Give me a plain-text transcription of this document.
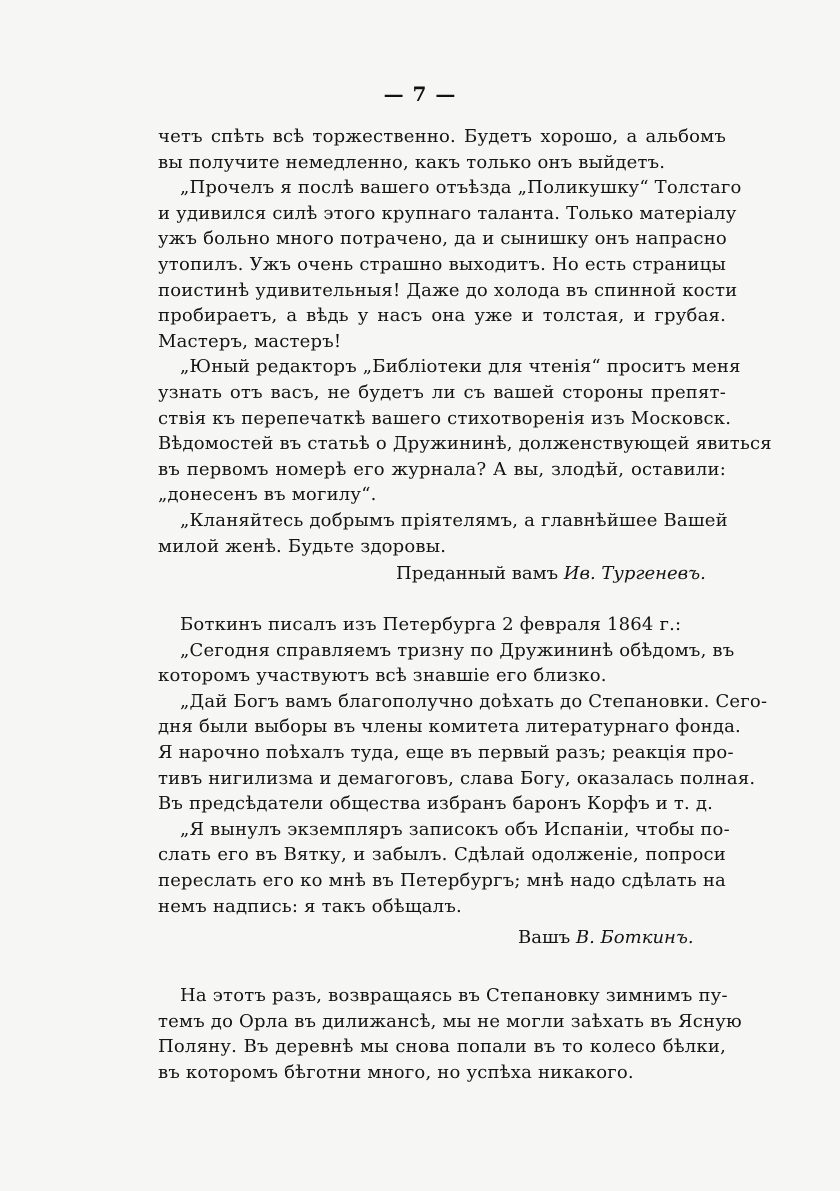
— 7 —
четъ спѣть всѣ торжественно. Будетъ хорошо, а альбомъ
вы получите немедленно, какъ только онъ выйдетъ.
„Прочелъ я послѣ вашего отъѣзда „Поликушку“ Толстаго
и удивился силѣ этого крупнаго таланта. Только матеріалу
ужъ больно много потрачено, да и сынишку онъ напрасно
утопилъ. Ужъ очень страшно выходитъ. Но есть страницы
поистинѣ удивительныя! Даже до холода въ спинной кости
пробираетъ, а вѣдь у насъ она уже и толстая, и грубая.
Мастеръ, мастеръ!
„Юный редакторъ „Библіотеки для чтенія“ проситъ меня
узнать отъ васъ, не будетъ ли съ вашей стороны препят-
ствія къ перепечаткѣ вашего стихотворенія изъ Московск.
Вѣдомостей въ статьѣ о Дружининѣ, долженствующей явиться
въ первомъ номерѣ его журнала? А вы, злодѣй, оставили:
„донесенъ въ могилу“.
„Кланяйтесь добрымъ пріятелямъ, а главнѣйшее Вашей
милой женѣ. Будьте здоровы.
Преданный вамъ Ив. Тургеневъ.
Боткинъ писалъ изъ Петербурга 2 февраля 1864 г.:
„Сегодня справляемъ тризну по Дружининѣ обѣдомъ, въ
которомъ участвуютъ всѣ знавшіе его близко.
„Дай Богъ вамъ благополучно доѣхать до Степановки. Сего-
дня были выборы въ члены комитета литературнаго фонда.
Я нарочно поѣхалъ туда, еще въ первый разъ; реакція про-
тивъ нигилизма и демагоговъ, слава Богу, оказалась полная.
Въ предсѣдатели общества избранъ баронъ Корфъ и т. д.
„Я вынулъ экземпляръ записокъ объ Испаніи, чтобы по-
слать его въ Вятку, и забылъ. Сдѣлай одолженіе, попроси
переслать его ко мнѣ въ Петербургъ; мнѣ надо сдѣлать на
немъ надпись: я такъ обѣщалъ.
Вашъ В. Боткинъ.
На этотъ разъ, возвращаясь въ Степановку зимнимъ пу-
темъ до Орла въ дилижансѣ, мы не могли заѣхать въ Ясную
Поляну. Въ деревнѣ мы снова попали въ то колесо бѣлки,
въ которомъ бѣготни много, но успѣха никакого.
